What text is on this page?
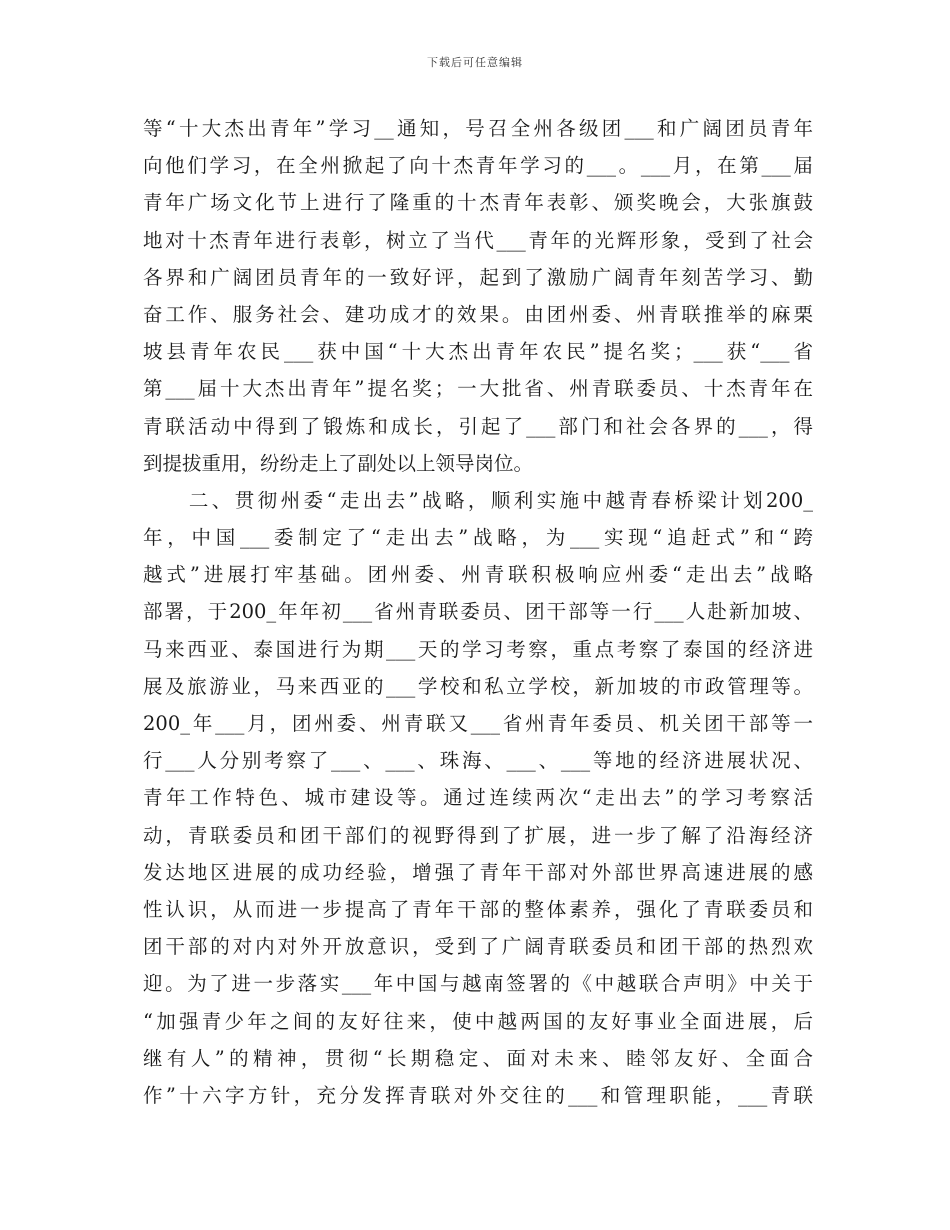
下载后可任意编辑
等“十大杰出青年”学习__通知，号召全州各级团___和广阔团员青年
向他们学习，在全州掀起了向十杰青年学习的___。___月，在第___届
青年广场文化节上进行了隆重的十杰青年表彰、颁奖晚会，大张旗鼓
地对十杰青年进行表彰，树立了当代___青年的光辉形象，受到了社会
各界和广阔团员青年的一致好评，起到了激励广阔青年刻苦学习、勤
奋工作、服务社会、建功成才的效果。由团州委、州青联推举的麻栗
坡县青年农民___获中国“十大杰出青年农民”提名奖；___获“___省
第___届十大杰出青年”提名奖；一大批省、州青联委员、十杰青年在
青联活动中得到了锻炼和成长，引起了___部门和社会各界的___，得
到提拔重用，纷纷走上了副处以上领导岗位。
　　二、贯彻州委“走出去”战略，顺利实施中越青春桥梁计划200_
年，中国___委制定了“走出去”战略，为___实现“追赶式”和“跨
越式”进展打牢基础。团州委、州青联积极响应州委“走出去”战略
部署，于200_年年初___省州青联委员、团干部等一行___人赴新加坡、
马来西亚、泰国进行为期___天的学习考察，重点考察了泰国的经济进
展及旅游业，马来西亚的___学校和私立学校，新加坡的市政管理等。
200_年___月，团州委、州青联又___省州青年委员、机关团干部等一
行___人分别考察了___、___、珠海、___、___等地的经济进展状况、
青年工作特色、城市建设等。通过连续两次“走出去”的学习考察活
动，青联委员和团干部们的视野得到了扩展，进一步了解了沿海经济
发达地区进展的成功经验，增强了青年干部对外部世界高速进展的感
性认识，从而进一步提高了青年干部的整体素养，强化了青联委员和
团干部的对内对外开放意识，受到了广阔青联委员和团干部的热烈欢
迎。为了进一步落实___年中国与越南签署的《中越联合声明》中关于
“加强青少年之间的友好往来，使中越两国的友好事业全面进展，后
继有人”的精神，贯彻“长期稳定、面对未来、睦邻友好、全面合
作”十六字方针，充分发挥青联对外交往的___和管理职能，___青联
